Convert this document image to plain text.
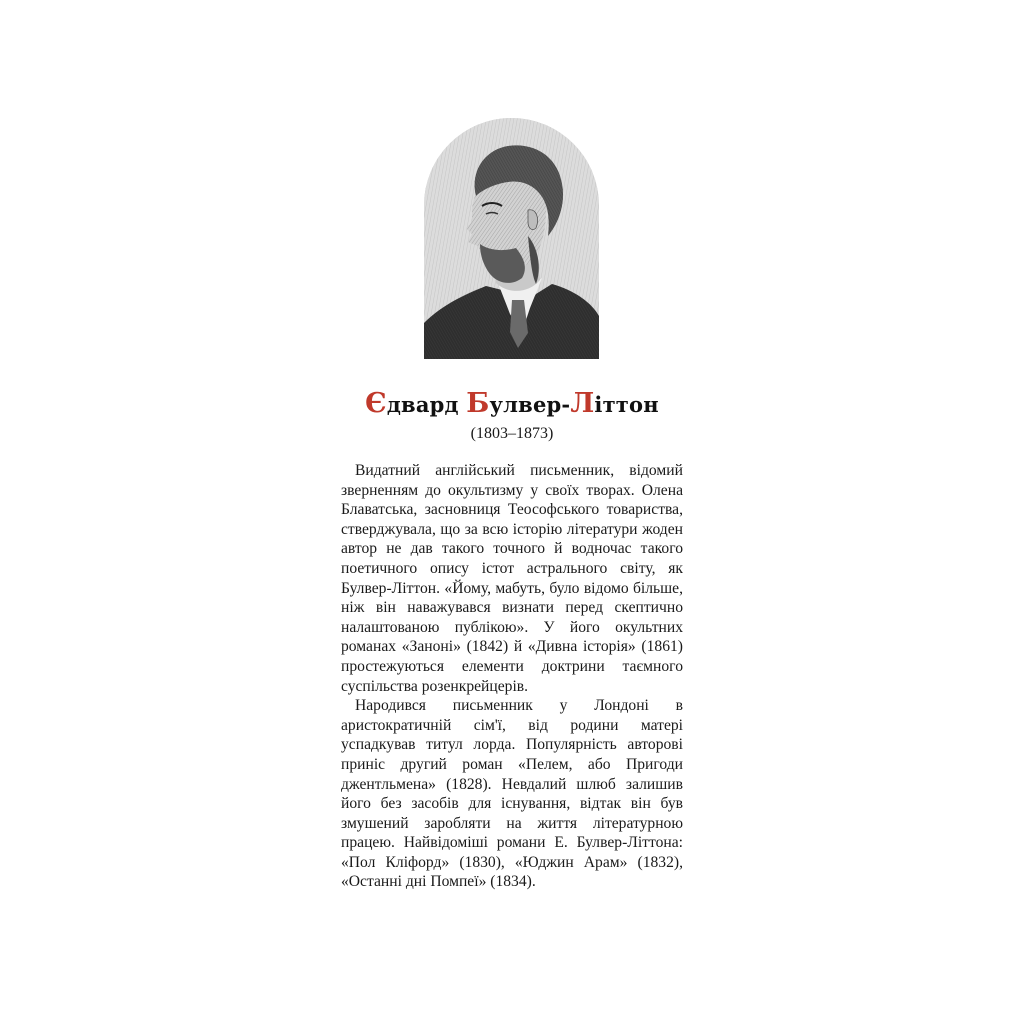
Єдвард Булвер-Літтон
(1803–1873)

Видатний англійський письменник, відомий зверненням до окультизму у своїх творах. Олена Блаватська, засновниця Теософського товариства, стверджувала, що за всю історію літератури жоден автор не дав такого точного й водночас такого поетичного опису істот астрального світу, як Булвер-Літтон. «Йому, мабуть, було відомо більше, ніж він наважувався визнати перед скептично налаштованою публікою». У його окультних романах «Заноні» (1842) й «Дивна історія» (1861) простежуються елементи доктрини таємного суспільства розенкрейцерів.

Народився письменник у Лондоні в аристократичній сім'ї, від родини матері успадкував титул лорда. Популярність авторові приніс другий роман «Пелем, або Пригоди джентльмена» (1828). Невдалий шлюб залишив його без засобів для існування, відтак він був змушений заробляти на життя літературною працею. Найвідоміші романи Е. Булвер-Літтона: «Пол Кліфорд» (1830), «Юджин Арам» (1832), «Останні дні Помпеї» (1834).
